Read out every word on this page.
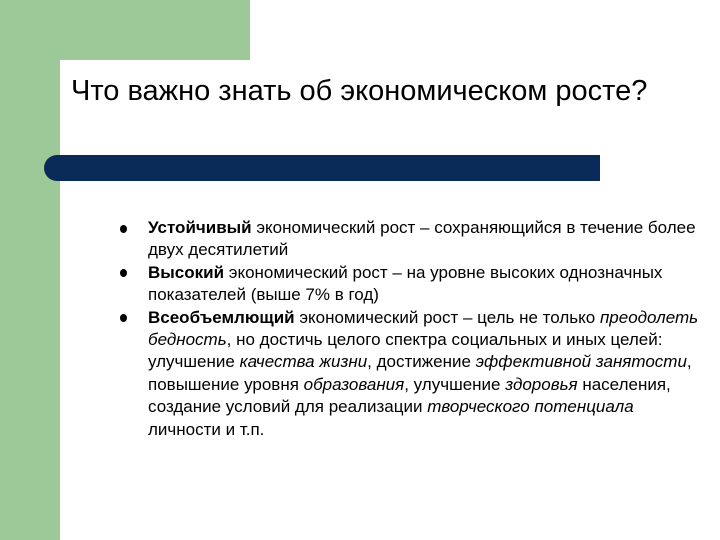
Что важно знать об экономическом росте?
Устойчивый экономический рост – сохраняющийся в течение более двух десятилетий
Высокий экономический рост – на уровне высоких однозначных показателей (выше 7% в год)
Всеобъемлющий экономический рост – цель не только преодолеть бедность, но достичь целого спектра социальных и иных целей: улучшение качества жизни, достижение эффективной занятости, повышение уровня образования, улучшение здоровья населения, создание условий для реализации творческого потенциала личности и т.п.
